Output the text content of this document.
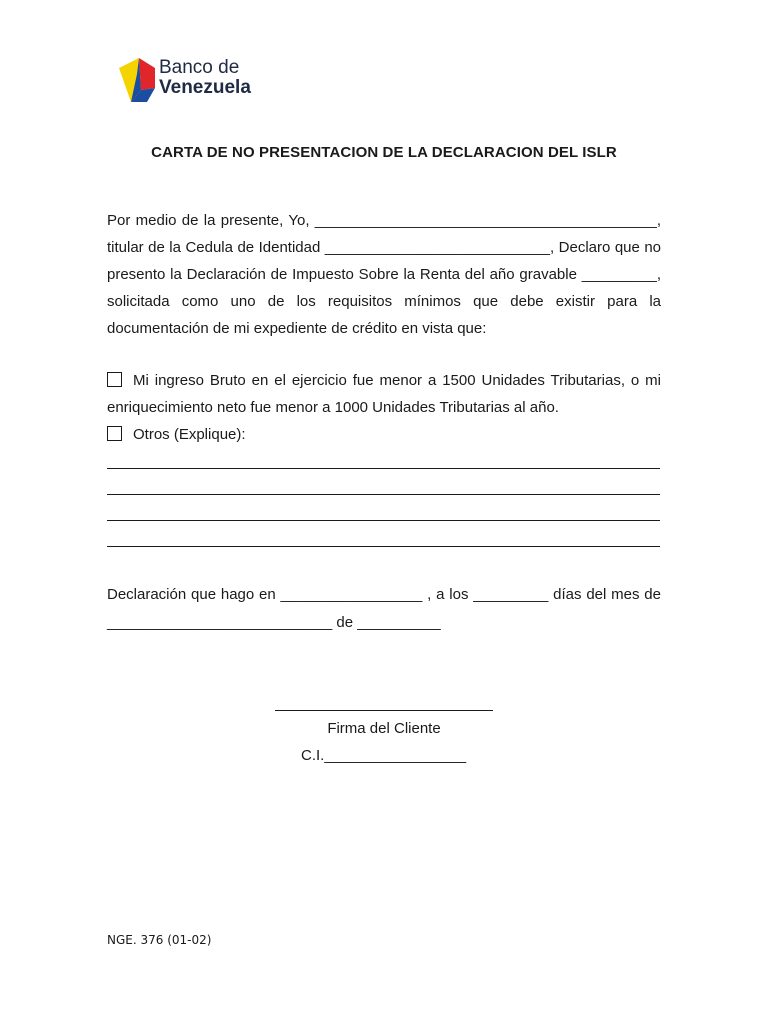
Banco de
Venezuela
CARTA DE NO PRESENTACION DE LA DECLARACION DEL ISLR
Por medio de la presente, Yo, _________________________________________,
titular de la Cedula de Identidad ___________________________, Declaro que no
presento la Declaración de Impuesto Sobre la Renta del año gravable _________,
solicitada como uno de los requisitos mínimos que debe existir para la
documentación de mi expediente de crédito en vista que:
Mi ingreso Bruto en el ejercicio fue menor a 1500 Unidades Tributarias, o mi
enriquecimiento neto fue menor a 1000 Unidades Tributarias al año.
Otros (Explique):
Declaración que hago en _________________ , a los _________ días del mes de
___________________________ de __________
Firma del Cliente
C.I._________________
NGE. 376 (01-02)
